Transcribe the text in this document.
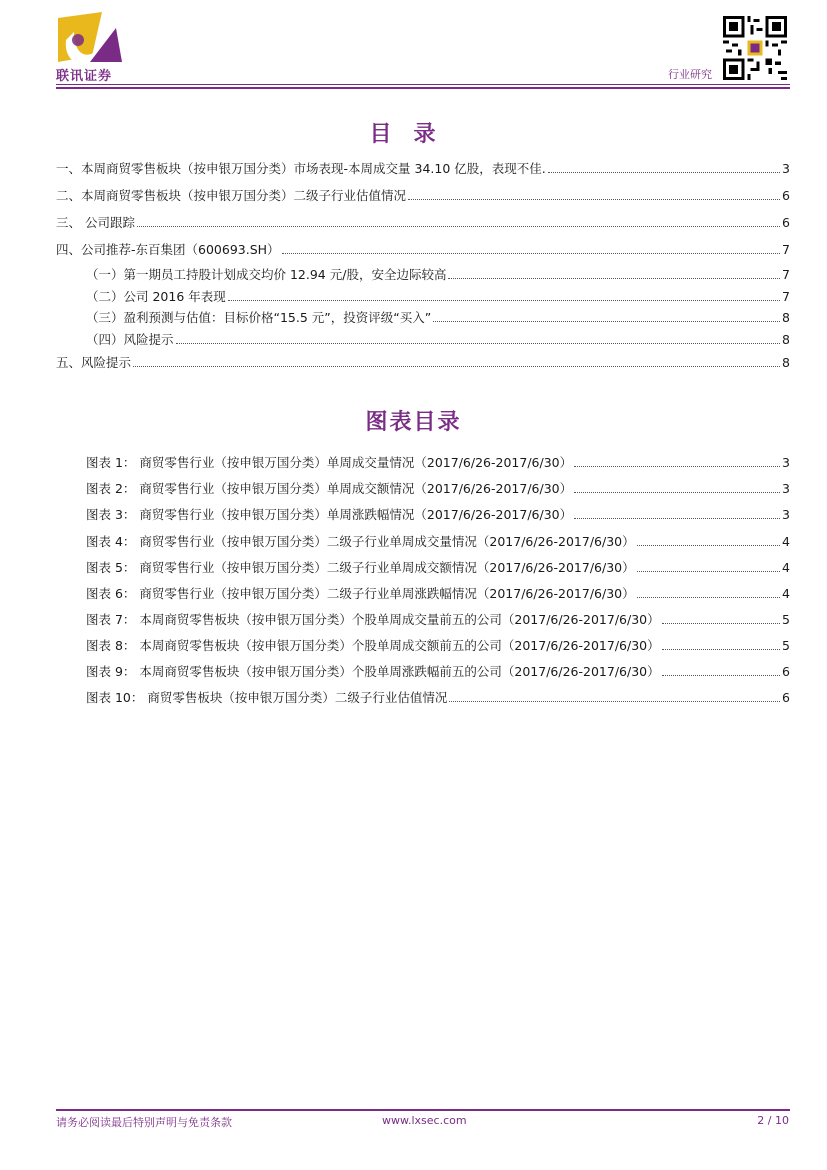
联讯证券	行业研究
目录
一、本周商贸零售板块（按申银万国分类）市场表现-本周成交量 34.10 亿股，表现不佳.	3
二、本周商贸零售板块（按申银万国分类）二级子行业估值情况	6
三、 公司跟踪	6
四、公司推荐-东百集团（600693.SH）	7
（一）第一期员工持股计划成交均价 12.94 元/股，安全边际较高	7
（二）公司 2016 年表现	7
（三）盈利预测与估值：目标价格“15.5 元”，投资评级“买入”	8
（四）风险提示	8
五、风险提示	8
图表目录
图表 1： 商贸零售行业（按申银万国分类）单周成交量情况（2017/6/26-2017/6/30）	3
图表 2： 商贸零售行业（按申银万国分类）单周成交额情况（2017/6/26-2017/6/30）	3
图表 3： 商贸零售行业（按申银万国分类）单周涨跌幅情况（2017/6/26-2017/6/30）	3
图表 4： 商贸零售行业（按申银万国分类）二级子行业单周成交量情况（2017/6/26-2017/6/30）	4
图表 5： 商贸零售行业（按申银万国分类）二级子行业单周成交额情况（2017/6/26-2017/6/30）	4
图表 6： 商贸零售行业（按申银万国分类）二级子行业单周涨跌幅情况（2017/6/26-2017/6/30）	4
图表 7： 本周商贸零售板块（按申银万国分类）个股单周成交量前五的公司（2017/6/26-2017/6/30）	5
图表 8： 本周商贸零售板块（按申银万国分类）个股单周成交额前五的公司（2017/6/26-2017/6/30）	5
图表 9： 本周商贸零售板块（按申银万国分类）个股单周涨跌幅前五的公司（2017/6/26-2017/6/30）	6
图表 10： 商贸零售板块（按申银万国分类）二级子行业估值情况	6
请务必阅读最后特别声明与免责条款	www.lxsec.com	2 / 10
